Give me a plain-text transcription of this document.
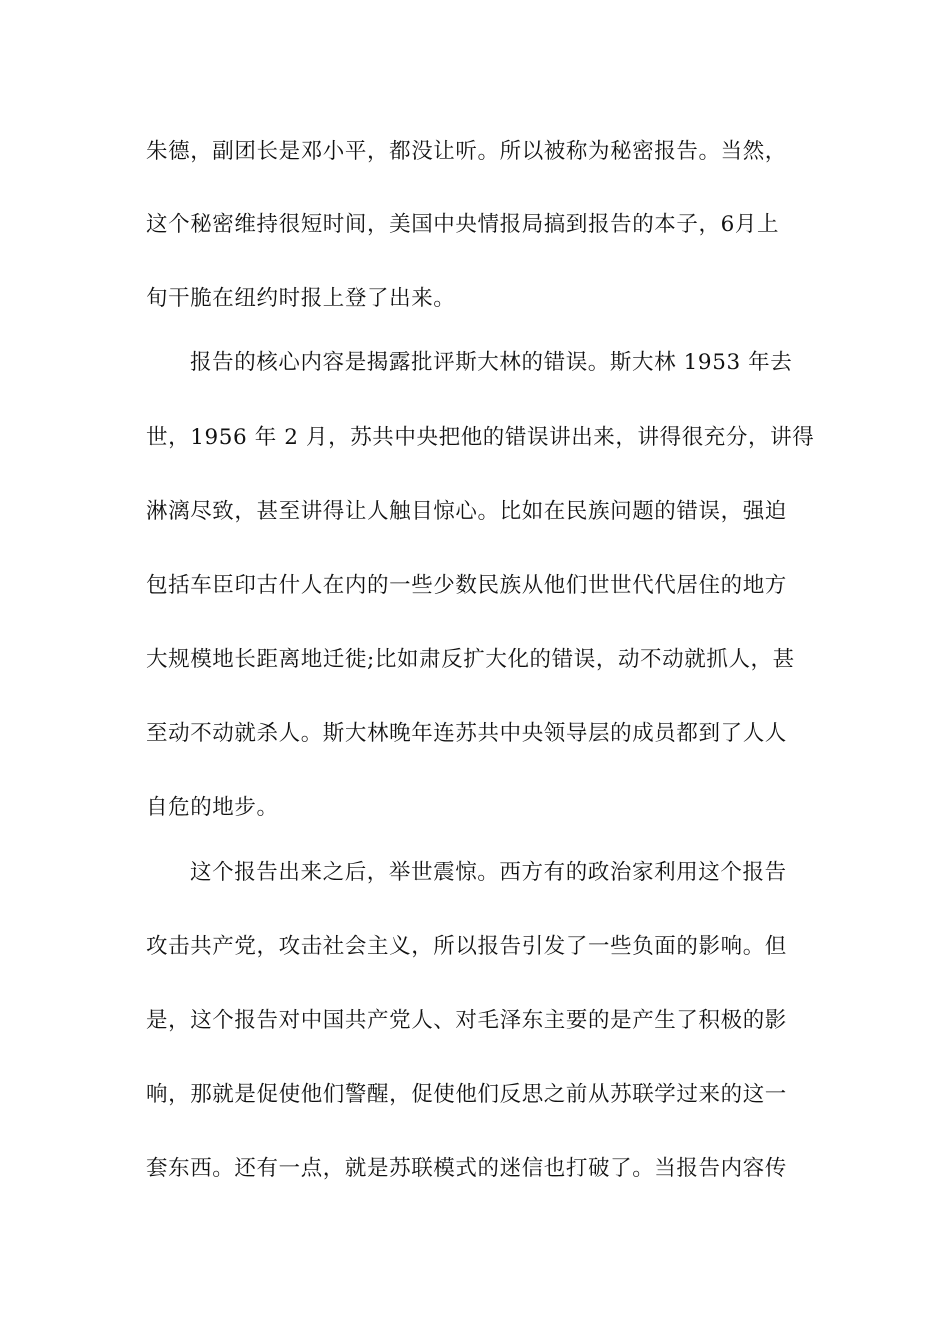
朱德，副团长是邓小平，都没让听。所以被称为秘密报告。当然，
这个秘密维持很短时间，美国中央情报局搞到报告的本子，6月上
旬干脆在纽约时报上登了出来。
报告的核心内容是揭露批评斯大林的错误。斯大林 1953 年去
世，1956 年 2 月，苏共中央把他的错误讲出来，讲得很充分，讲得
淋漓尽致，甚至讲得让人触目惊心。比如在民族问题的错误，强迫
包括车臣印古什人在内的一些少数民族从他们世世代代居住的地方
大规模地长距离地迁徙;比如肃反扩大化的错误，动不动就抓人，甚
至动不动就杀人。斯大林晚年连苏共中央领导层的成员都到了人人
自危的地步。
这个报告出来之后，举世震惊。西方有的政治家利用这个报告
攻击共产党，攻击社会主义，所以报告引发了一些负面的影响。但
是，这个报告对中国共产党人、对毛泽东主要的是产生了积极的影
响，那就是促使他们警醒，促使他们反思之前从苏联学过来的这一
套东西。还有一点，就是苏联模式的迷信也打破了。当报告内容传
